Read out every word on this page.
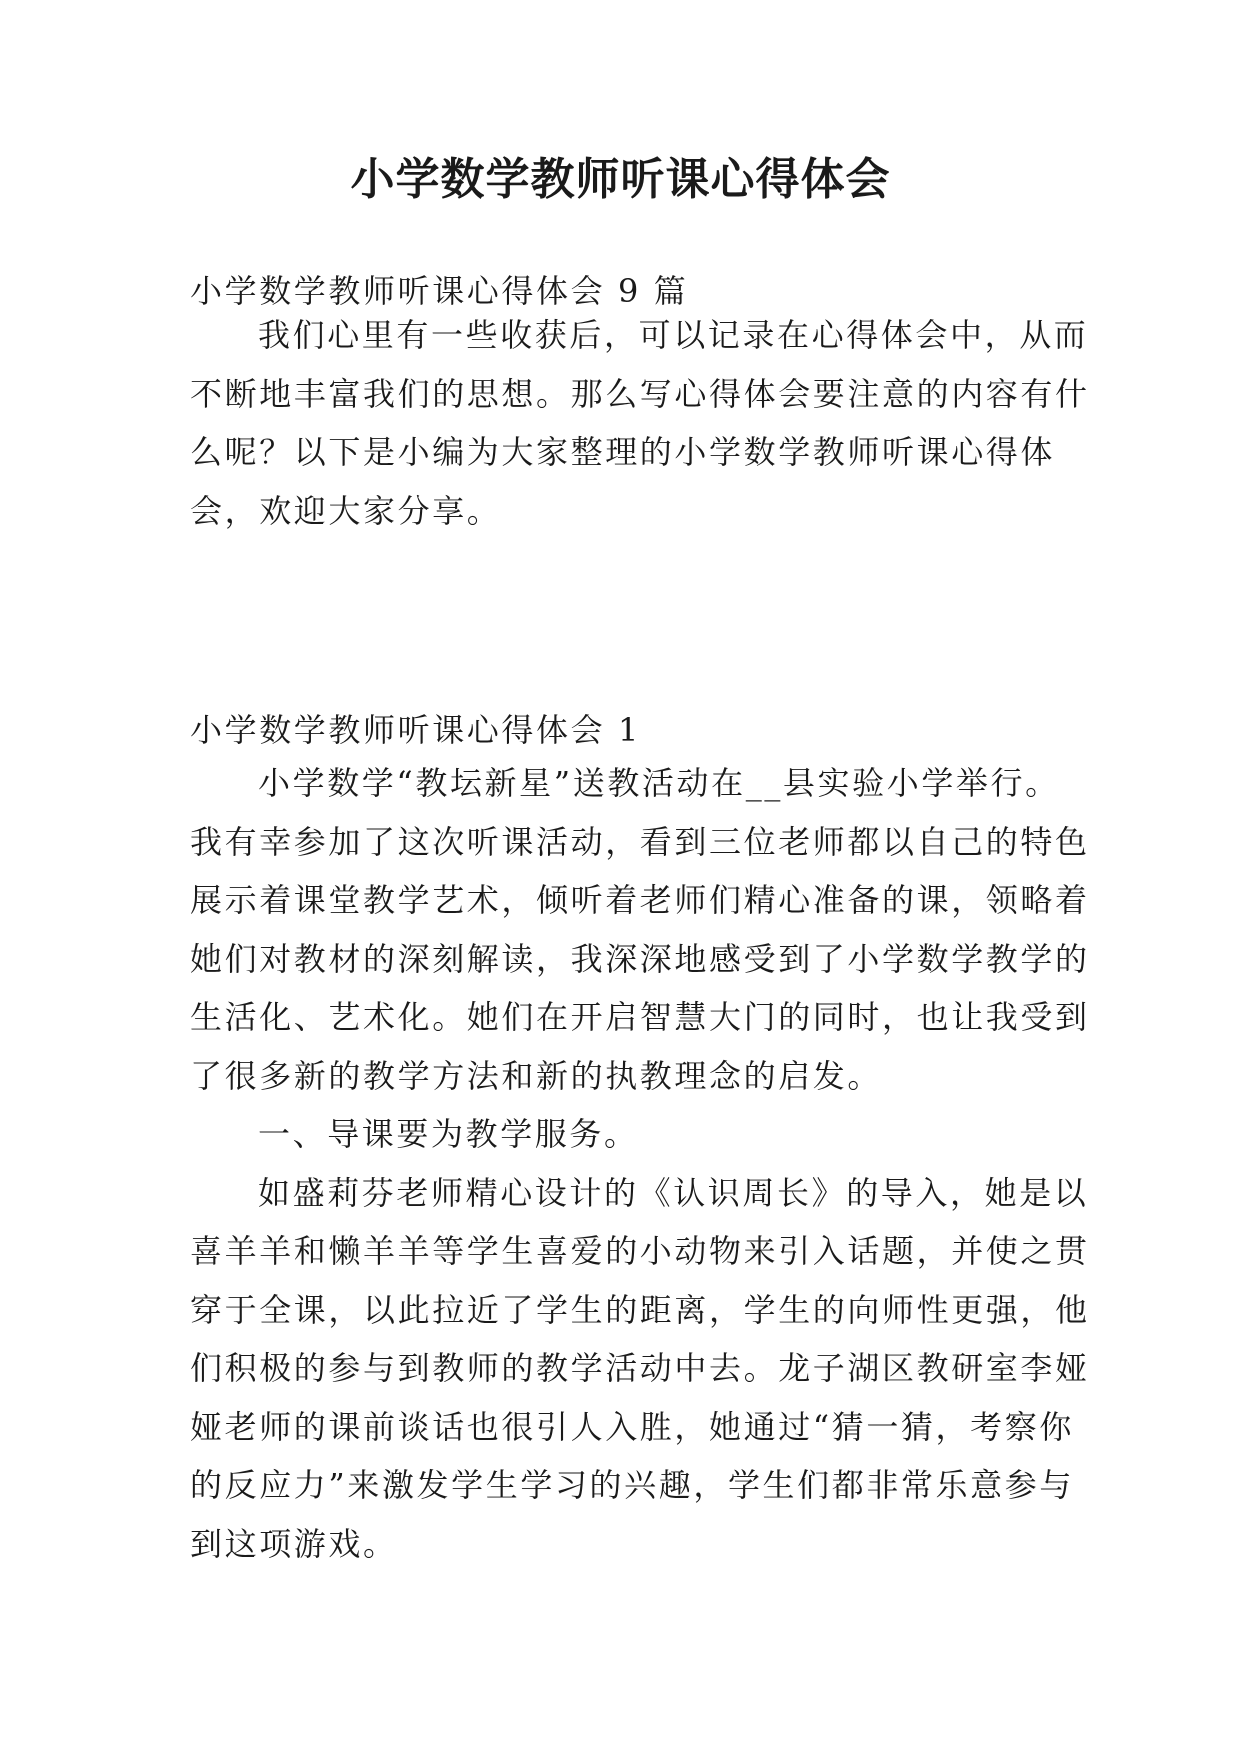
小学数学教师听课心得体会
小学数学教师听课心得体会 9 篇
我们心里有一些收获后，可以记录在心得体会中，从而
不断地丰富我们的思想。那么写心得体会要注意的内容有什
么呢？以下是小编为大家整理的小学数学教师听课心得体
会，欢迎大家分享。
小学数学教师听课心得体会 1
小学数学“教坛新星”送教活动在__县实验小学举行。
我有幸参加了这次听课活动，看到三位老师都以自己的特色
展示着课堂教学艺术，倾听着老师们精心准备的课，领略着
她们对教材的深刻解读，我深深地感受到了小学数学教学的
生活化、艺术化。她们在开启智慧大门的同时，也让我受到
了很多新的教学方法和新的执教理念的启发。
一、导课要为教学服务。
如盛莉芬老师精心设计的《认识周长》的导入，她是以
喜羊羊和懒羊羊等学生喜爱的小动物来引入话题，并使之贯
穿于全课，以此拉近了学生的距离，学生的向师性更强，他
们积极的参与到教师的教学活动中去。龙子湖区教研室李娅
娅老师的课前谈话也很引人入胜，她通过“猜一猜，考察你
的反应力”来激发学生学习的兴趣，学生们都非常乐意参与
到这项游戏。
